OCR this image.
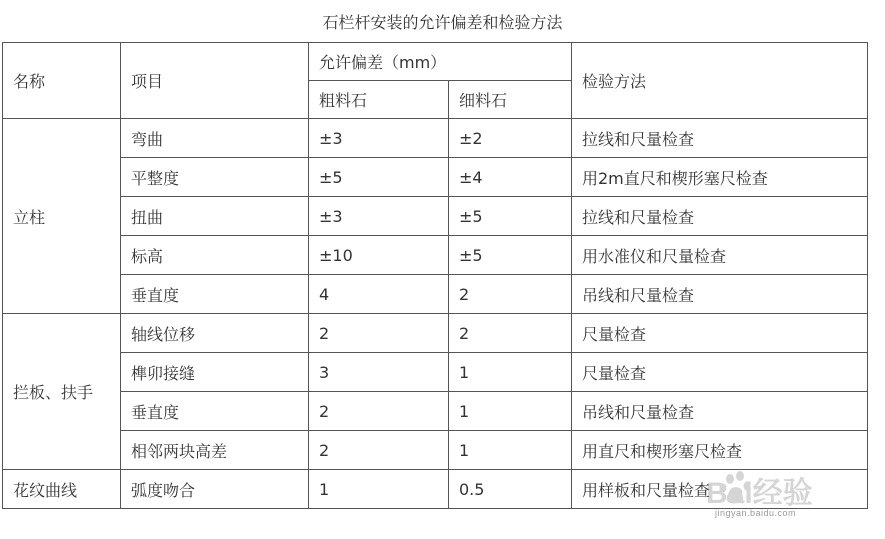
石栏杆安装的允许偏差和检验方法
名称	项目	允许偏差（mm）		检验方法
		粗料石	细料石	
立柱	弯曲	±3	±2	拉线和尺量检查
	平整度	±5	±4	用2m直尺和楔形塞尺检查
	扭曲	±3	±5	拉线和尺量检查
	标高	±10	±5	用水准仪和尺量检查
	垂直度	4	2	吊线和尺量检查
拦板、扶手	轴线位移	2	2	尺量检查
	榫卯接缝	3	1	尺量检查
	垂直度	2	1	吊线和尺量检查
	相邻两块高差	2	1	用直尺和楔形塞尺检查
花纹曲线	弧度吻合	1	0.5	用样板和尺量检查
Bai经验
jingyan.baidu.com
